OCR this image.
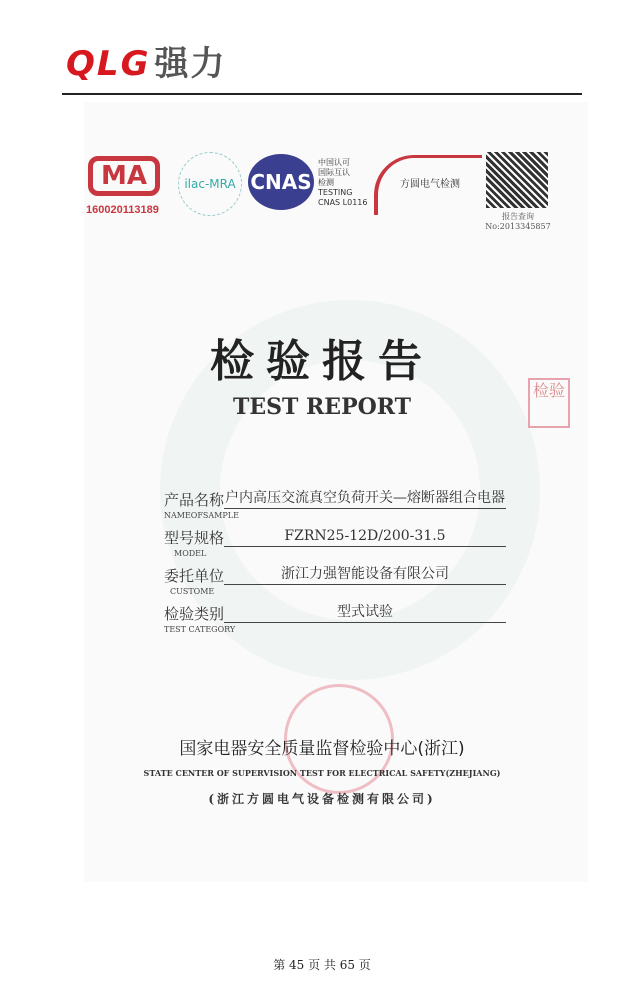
QLG 强力
MA
160020113189
ilac-MRA CNAS
中国认可
国际互认
检测
TESTING
CNAS L0116
方圆电气检测
报告查询
No:2013345857
检验报告
TEST REPORT
检验
产品名称 户内高压交流真空负荷开关—熔断器组合电器
NAMEOFSAMPLE
型号规格	FZRN25-12D/200-31.5
MODEL
委托单位	浙江力强智能设备有限公司
CUSTOME
检验类别	型式试验
TEST CATEGORY
国家电器安全质量监督检验中心(浙江)
STATE CENTER OF SUPERVISION TEST FOR ELECTRICAL SAFETY(ZHEJIANG)
(浙江方圆电气设备检测有限公司)
第 45 页 共 65 页
